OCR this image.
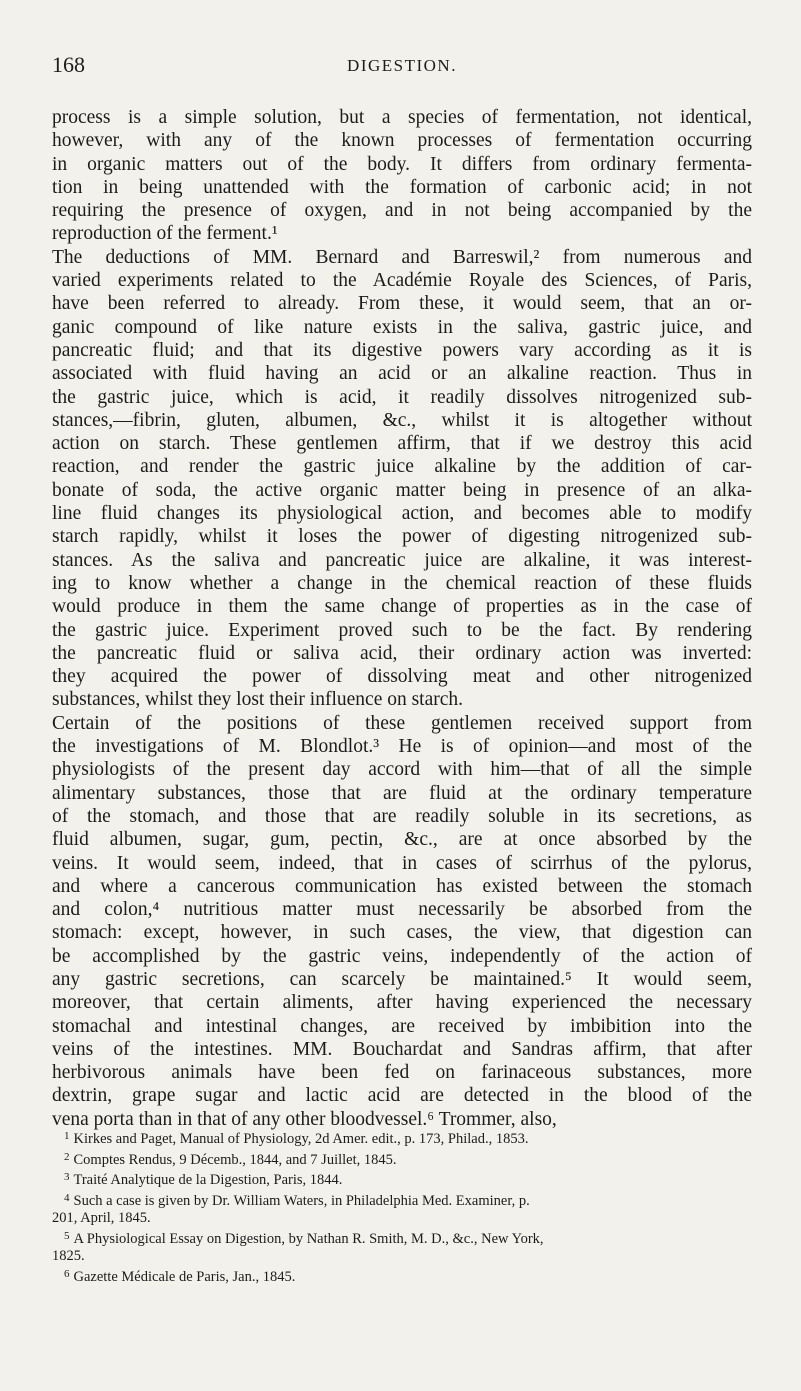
168	DIGESTION.
process is a simple solution, but a species of fermentation, not identical,
however, with any of the known processes of fermentation occurring
in organic matters out of the body. It differs from ordinary fermenta-
tion in being unattended with the formation of carbonic acid; in not
requiring the presence of oxygen, and in not being accompanied by the
reproduction of the ferment.¹
The deductions of MM. Bernard and Barreswil,² from numerous and
varied experiments related to the Académie Royale des Sciences, of Paris,
have been referred to already. From these, it would seem, that an or-
ganic compound of like nature exists in the saliva, gastric juice, and
pancreatic fluid; and that its digestive powers vary according as it is
associated with fluid having an acid or an alkaline reaction. Thus in
the gastric juice, which is acid, it readily dissolves nitrogenized sub-
stances,—fibrin, gluten, albumen, &c., whilst it is altogether without
action on starch. These gentlemen affirm, that if we destroy this acid
reaction, and render the gastric juice alkaline by the addition of car-
bonate of soda, the active organic matter being in presence of an alka-
line fluid changes its physiological action, and becomes able to modify
starch rapidly, whilst it loses the power of digesting nitrogenized sub-
stances. As the saliva and pancreatic juice are alkaline, it was interest-
ing to know whether a change in the chemical reaction of these fluids
would produce in them the same change of properties as in the case of
the gastric juice. Experiment proved such to be the fact. By rendering
the pancreatic fluid or saliva acid, their ordinary action was inverted:
they acquired the power of dissolving meat and other nitrogenized
substances, whilst they lost their influence on starch.
Certain of the positions of these gentlemen received support from
the investigations of M. Blondlot.³ He is of opinion—and most of the
physiologists of the present day accord with him—that of all the simple
alimentary substances, those that are fluid at the ordinary temperature
of the stomach, and those that are readily soluble in its secretions, as
fluid albumen, sugar, gum, pectin, &c., are at once absorbed by the
veins. It would seem, indeed, that in cases of scirrhus of the pylorus,
and where a cancerous communication has existed between the stomach
and colon,⁴ nutritious matter must necessarily be absorbed from the
stomach: except, however, in such cases, the view, that digestion can
be accomplished by the gastric veins, independently of the action of
any gastric secretions, can scarcely be maintained.⁵ It would seem,
moreover, that certain aliments, after having experienced the necessary
stomachal and intestinal changes, are received by imbibition into the
veins of the intestines. MM. Bouchardat and Sandras affirm, that after
herbivorous animals have been fed on farinaceous substances, more
dextrin, grape sugar and lactic acid are detected in the blood of the
vena porta than in that of any other bloodvessel.⁶ Trommer, also,
$^1$ Kirkes and Paget, Manual of Physiology, 2d Amer. edit., p. 173, Philad., 1853.
$^2$ Comptes Rendus, 9 Décemb., 1844, and 7 Juillet, 1845.
$^3$ Traité Analytique de la Digestion, Paris, 1844.
$^4$ Such a case is given by Dr. William Waters, in Philadelphia Med. Examiner, p.
201, April, 1845.
$^5$ A Physiological Essay on Digestion, by Nathan R. Smith, M. D., &c., New York,
1825.
$^6$ Gazette Médicale de Paris, Jan., 1845.
